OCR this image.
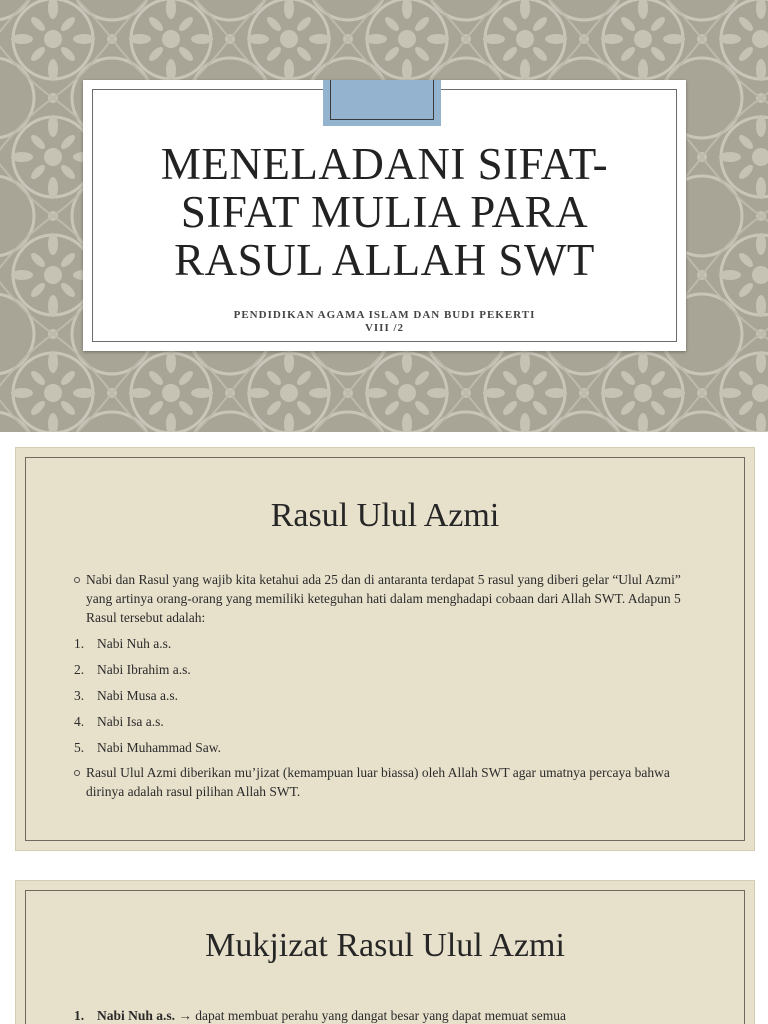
MENELADANI SIFAT-SIFAT MULIA PARA RASUL ALLAH SWT
PENDIDIKAN AGAMA ISLAM DAN BUDI PEKERTI
VIII /2
Rasul Ulul Azmi
Nabi dan Rasul yang wajib kita ketahui ada 25 dan di antaranta terdapat 5 rasul yang diberi gelar “Ulul Azmi” yang artinya orang-orang yang memiliki keteguhan hati dalam menghadapi cobaan dari Allah SWT. Adapun 5 Rasul tersebut adalah:
1. Nabi Nuh a.s.
2. Nabi Ibrahim a.s.
3. Nabi Musa a.s.
4. Nabi Isa a.s.
5. Nabi Muhammad Saw.
Rasul Ulul Azmi diberikan mu’jizat (kemampuan luar biassa) oleh Allah SWT agar umatnya percaya bahwa dirinya adalah rasul pilihan Allah SWT.
Mukjizat Rasul Ulul Azmi
1. Nabi Nuh a.s. → dapat membuat perahu yang dangat besar yang dapat memuat semua
